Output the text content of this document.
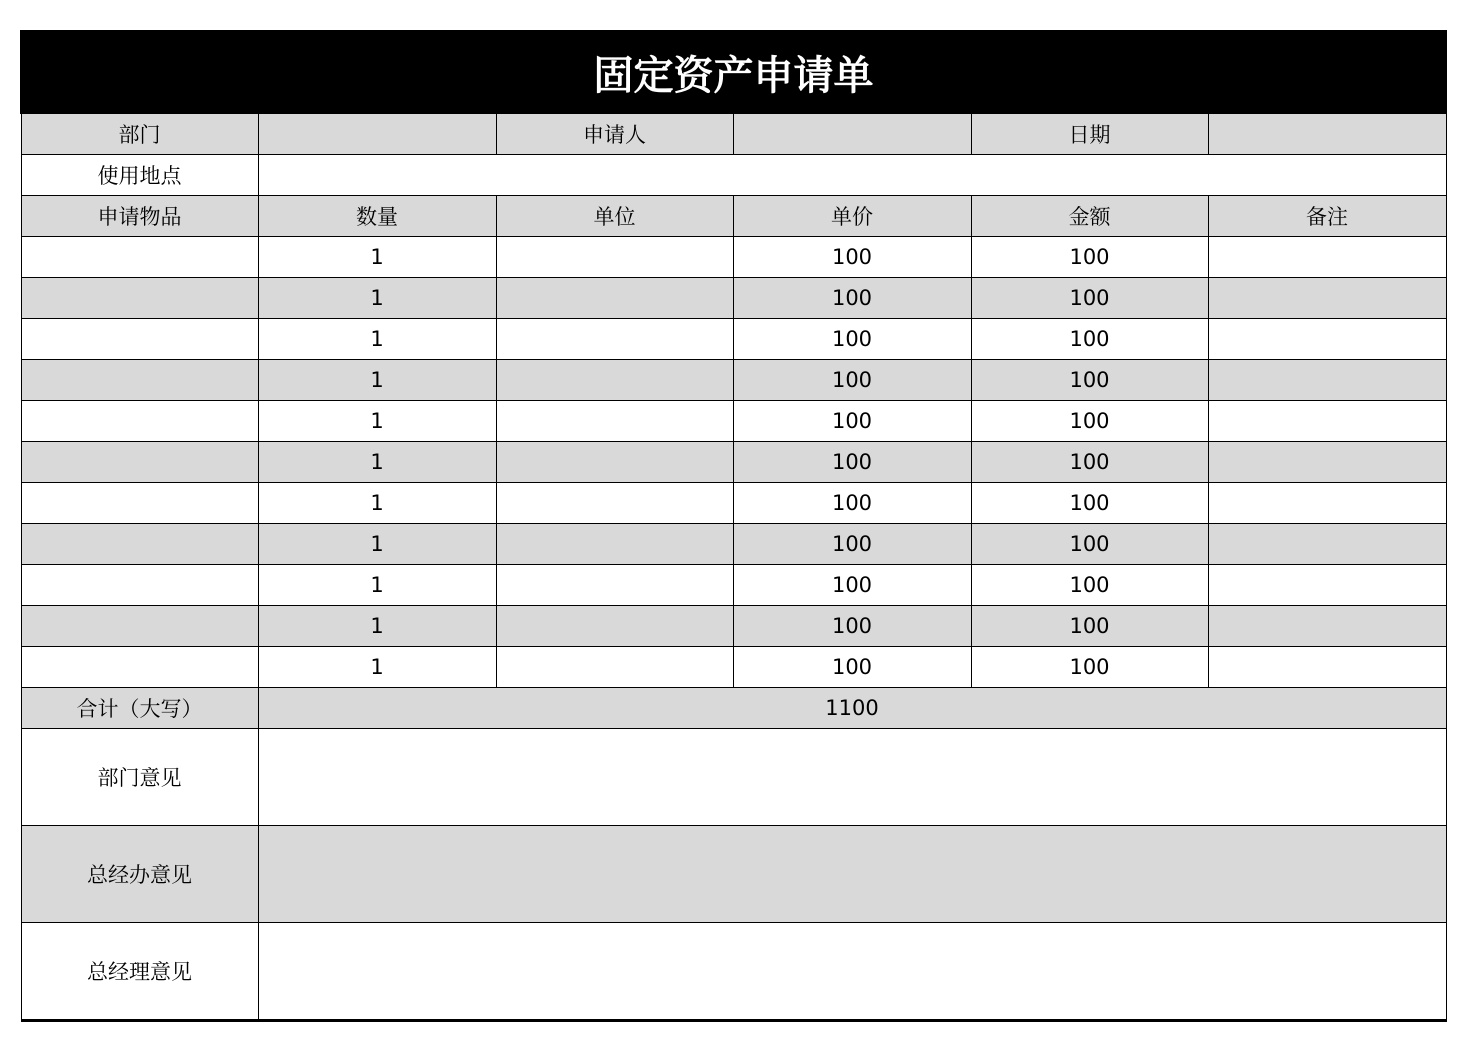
固定资产申请单					
部门		申请人		日期	
使用地点					
申请物品	数量	单位	单价	金额	备注
	1		100	100	
	1		100	100	
	1		100	100	
	1		100	100	
	1		100	100	
	1		100	100	
	1		100	100	
	1		100	100	
	1		100	100	
	1		100	100	
	1		100	100	
合计（大写）	1100				
部门意见					
总经办意见					
总经理意见					
